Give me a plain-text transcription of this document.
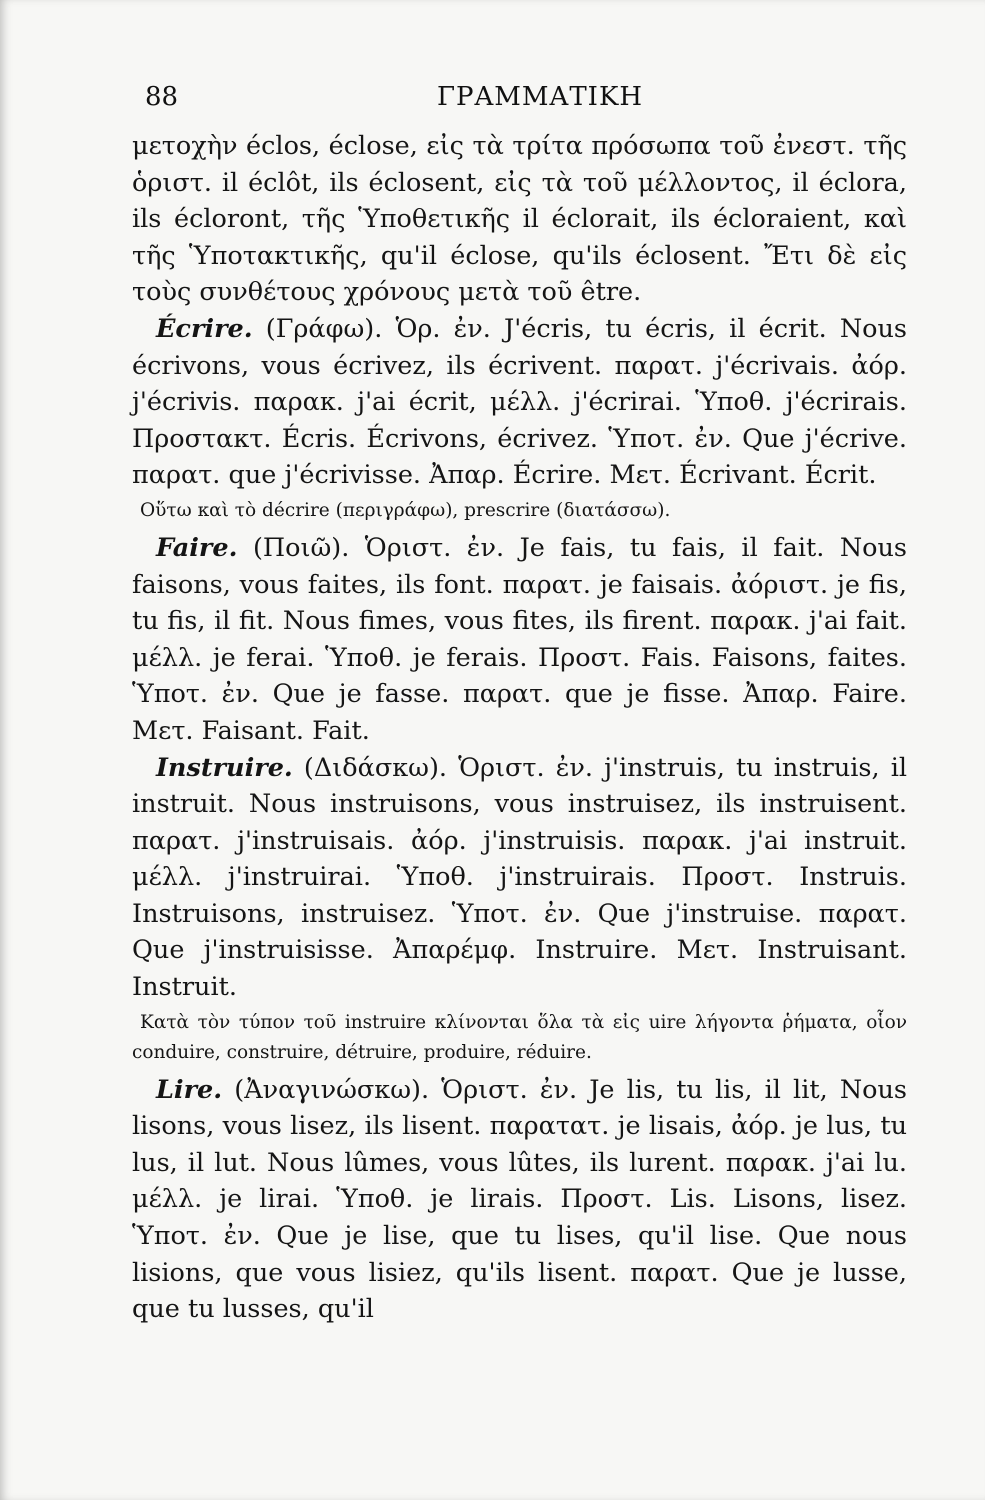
88	ΓΡΑΜΜΑΤΙΚΗ

μετοχὴν éclos, éclose, εἰς τὰ τρίτα πρόσωπα τοῦ ἐνεστ. τῆς ὁριστ. il éclôt, ils éclosent, εἰς τὰ τοῦ μέλλοντος, il éclora, ils écloront, τῆς Ὑποθετικῆς il éclorait, ils écloraient, καὶ τῆς Ὑποτακτικῆς, qu'il éclose, qu'ils éclosent. Ἔτι δὲ εἰς τοὺς συνθέτους χρόνους μετὰ τοῦ être.

Écrire. (Γράφω). Ὁρ. ἐν. J'écris, tu écris, il écrit. Nous écrivons, vous écrivez, ils écrivent. παρατ. j'écrivais. ἀόρ. j'écrivis. παρακ. j'ai écrit, μέλλ. j'écrirai. Ὑποθ. j'écrirais. Προστακτ. Écris. Écrivons, écrivez. Ὑποτ. ἐν. Que j'écrive. παρατ. que j'écrivisse. Ἀπαρ. Écrire. Μετ. Écrivant. Écrit.

Οὕτω καὶ τὸ décrire (περιγράφω), prescrire (διατάσσω).

Faire. (Ποιῶ). Ὁριστ. ἐν. Je fais, tu fais, il fait. Nous faisons, vous faites, ils font. παρατ. je faisais. ἀόριστ. je fis, tu fis, il fit. Nous fimes, vous fites, ils firent. παρακ. j'ai fait. μέλλ. je ferai. Ὑποθ. je ferais. Προστ. Fais. Faisons, faites. Ὑποτ. ἐν. Que je fasse. παρατ. que je fisse. Ἀπαρ. Faire. Μετ. Faisant. Fait.

Instruire. (Διδάσκω). Ὁριστ. ἐν. j'instruis, tu instruis, il instruit. Nous instruisons, vous instruisez, ils instruisent. παρατ. j'instruisais. ἀόρ. j'instruisis. παρακ. j'ai instruit. μέλλ. j'instruirai. Ὑποθ. j'instruirais. Προστ. Instruis. Instruisons, instruisez. Ὑποτ. ἐν. Que j'instruise. παρατ. Que j'instruisisse. Ἀπαρέμφ. Instruire. Μετ. Instruisant. Instruit.

Κατὰ τὸν τύπον τοῦ instruire κλίνονται ὅλα τὰ εἰς uire λήγοντα ῥήματα, οἷον conduire, construire, détruire, produire, réduire.

Lire. (Ἀναγινώσκω). Ὁριστ. ἐν. Je lis, tu lis, il lit, Nous lisons, vous lisez, ils lisent. παρατατ. je lisais, ἀόρ. je lus, tu lus, il lut. Nous lûmes, vous lûtes, ils lurent. παρακ. j'ai lu. μέλλ. je lirai. Ὑποθ. je lirais. Προστ. Lis. Lisons, lisez. Ὑποτ. ἐν. Que je lise, que tu lises, qu'il lise. Que nous lisions, que vous lisiez, qu'ils lisent. παρατ. Que je lusse, que tu lusses, qu'il
